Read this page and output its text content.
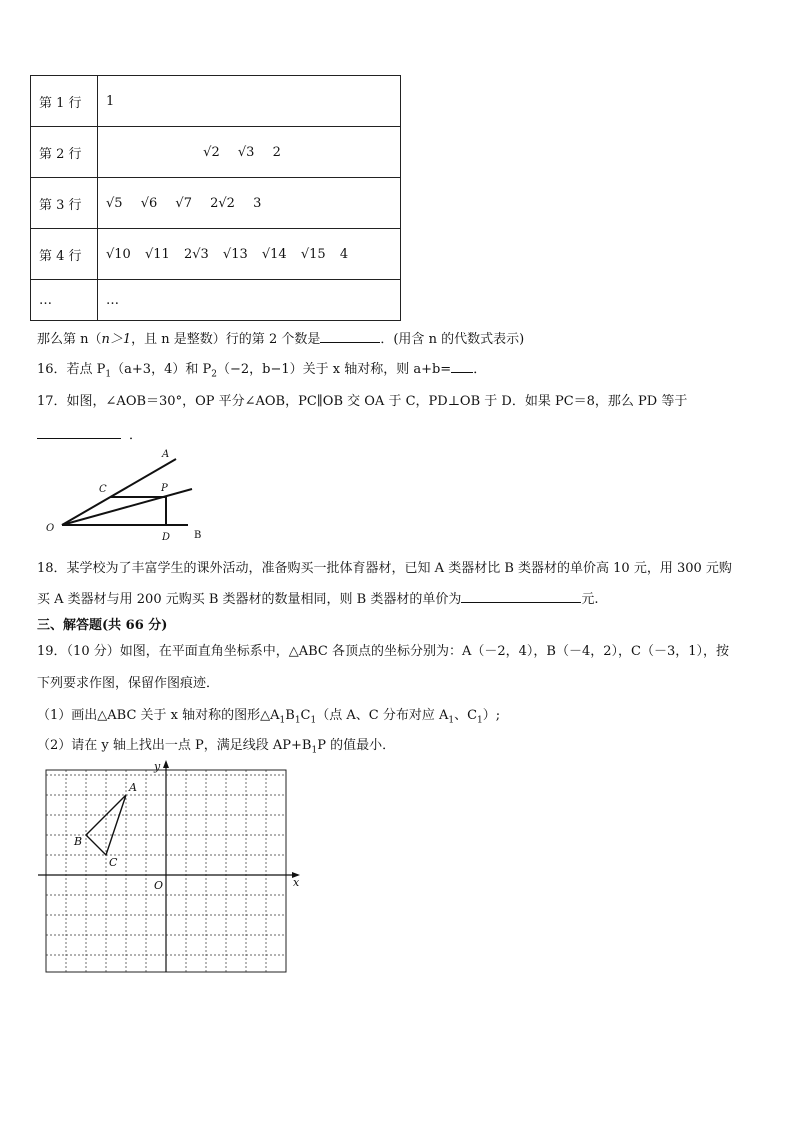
第 1 行	1
第 2 行	√2 √3 2
第 3 行	√5 √6 √7 2√2 3
第 4 行	√10 √11 2√3 √13 √14 √15 4
…	…
那么第 n（n＞1，且 n 是整数）行的第 2 个数是	．(用含 n 的代数式表示)
16．若点 $P_1(a+3$，4）和 $P_2(-2$，b−1）关于 x 轴对称，则 a+b= ．
17．如图，∠AOB＝30°，OP 平分∠AOB，PC∥OB 交 OA 于 C，PD⊥OB 于 D．如果 PC＝8，那么 PD 等于
．
A
C	P
O
D B
18．某学校为了丰富学生的课外活动，准备购买一批体育器材，已知 A 类器材比 B 类器材的单价高 10 元，用 300 元购
买 A 类器材与用 200 元购买 B 类器材的数量相同，则 B 类器材的单价为	元.
三、解答题(共 66 分)
19．（10 分）如图，在平面直角坐标系中，△ABC 各顶点的坐标分别为：A（－2，4），B（－4，2），C（－3，1），按
下列要求作图，保留作图痕迹．
（1）画出△ABC 关于 x 轴对称的图形$\triangle A_1B_1C_1$（点 A、C 分布对应 $A_1$、$C_1$）;
（2）请在 y 轴上找出一点 P，满足线段 $AP+B_1P$ 的值最小．
A
B
C
O	x
y
